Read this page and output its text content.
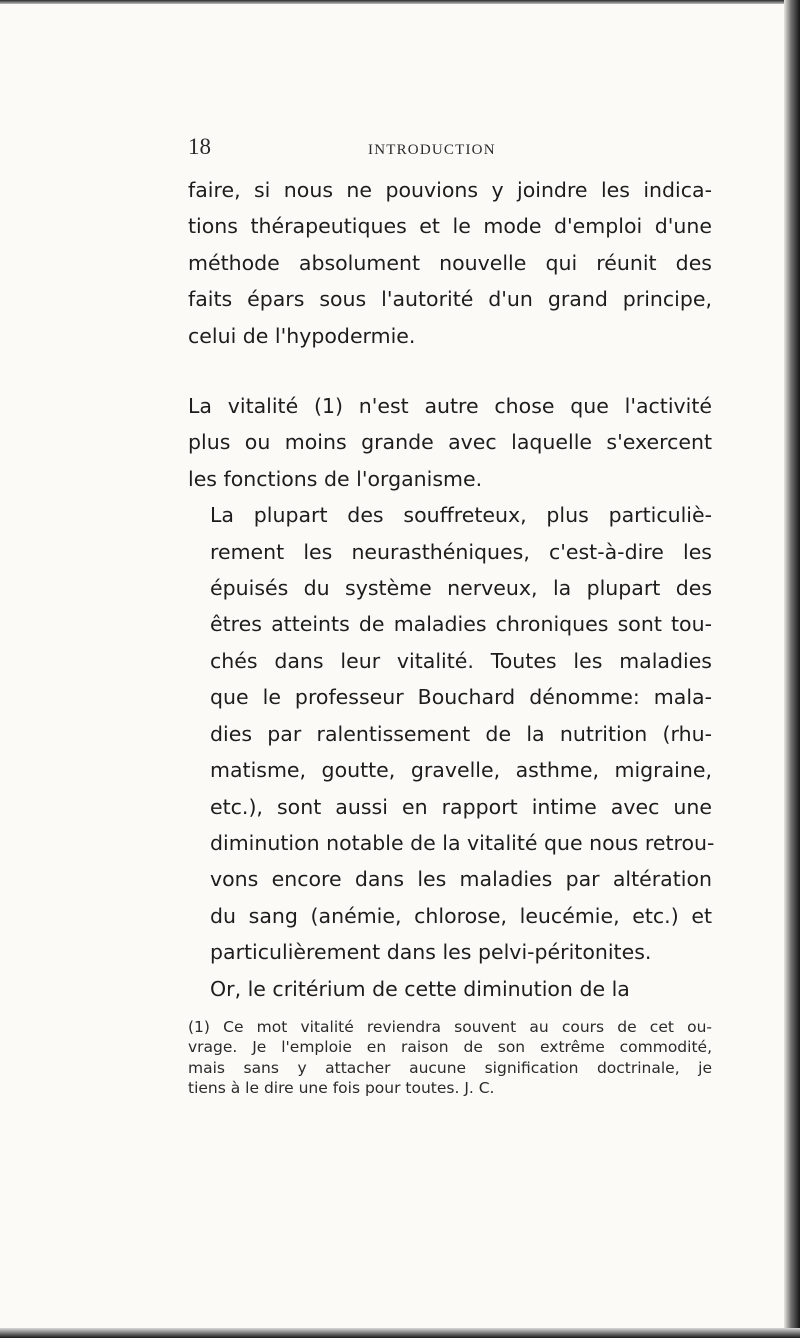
18	INTRODUCTION

faire, si nous ne pouvions y joindre les indica-
tions thérapeutiques et le mode d'emploi d'une
méthode absolument nouvelle qui réunit des
faits épars sous l'autorité d'un grand principe,
celui de l'hypodermie.

La vitalité (1) n'est autre chose que l'activité
plus ou moins grande avec laquelle s'exercent
les fonctions de l'organisme.

La plupart des souffreteux, plus particuliè-
rement les neurasthéniques, c'est-à-dire les
épuisés du système nerveux, la plupart des
êtres atteints de maladies chroniques sont tou-
chés dans leur vitalité. Toutes les maladies
que le professeur Bouchard dénomme: mala-
dies par ralentissement de la nutrition (rhu-
matisme, goutte, gravelle, asthme, migraine,
etc.), sont aussi en rapport intime avec une
diminution notable de la vitalité que nous retrou-
vons encore dans les maladies par altération
du sang (anémie, chlorose, leucémie, etc.) et
particulièrement dans les pelvi-péritonites.

Or, le critérium de cette diminution de la

(1) Ce mot vitalité reviendra souvent au cours de cet ou-
vrage. Je l'emploie en raison de son extrême commodité,
mais sans y attacher aucune signification doctrinale, je
tiens à le dire une fois pour toutes. J. C.
